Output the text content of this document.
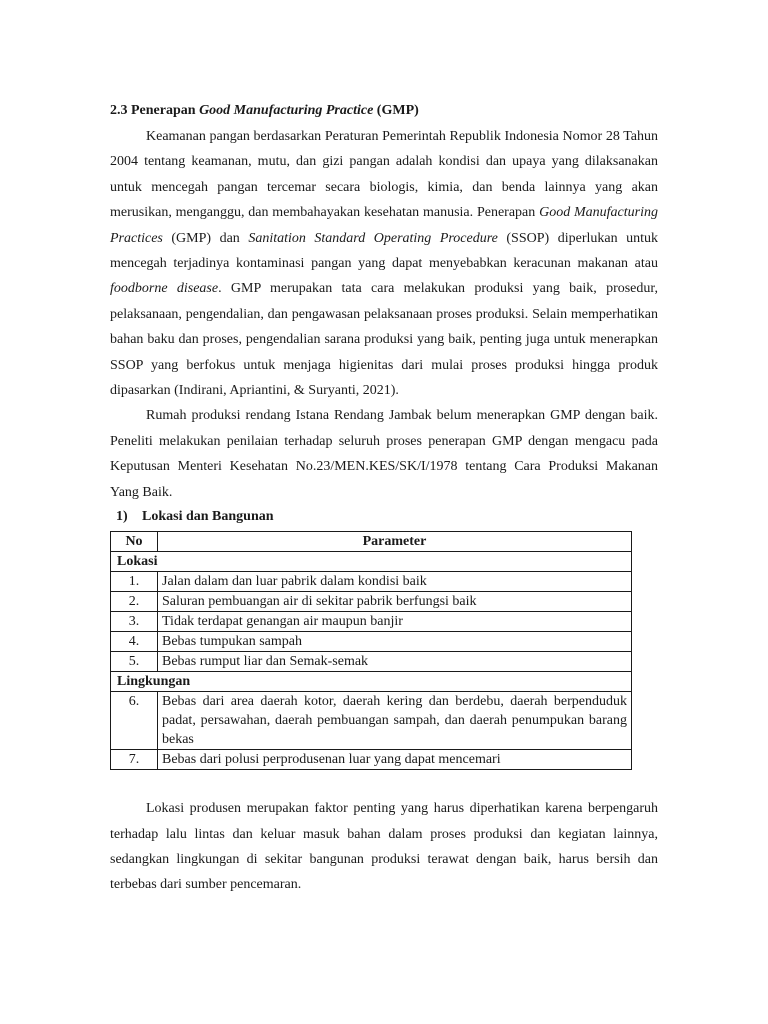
2.3 Penerapan Good Manufacturing Practice (GMP)

Keamanan pangan berdasarkan Peraturan Pemerintah Republik Indonesia Nomor 28 Tahun 2004 tentang keamanan, mutu, dan gizi pangan adalah kondisi dan upaya yang dilaksanakan untuk mencegah pangan tercemar secara biologis, kimia, dan benda lainnya yang akan merusikan, menganggu, dan membahayakan kesehatan manusia. Penerapan Good Manufacturing Practices (GMP) dan Sanitation Standard Operating Procedure (SSOP) diperlukan untuk mencegah terjadinya kontaminasi pangan yang dapat menyebabkan keracunan makanan atau foodborne disease. GMP merupakan tata cara melakukan produksi yang baik, prosedur, pelaksanaan, pengendalian, dan pengawasan pelaksanaan proses produksi. Selain memperhatikan bahan baku dan proses, pengendalian sarana produksi yang baik, penting juga untuk menerapkan SSOP yang berfokus untuk menjaga higienitas dari mulai proses produksi hingga produk dipasarkan (Indirani, Apriantini, & Suryanti, 2021).

Rumah produksi rendang Istana Rendang Jambak belum menerapkan GMP dengan baik. Peneliti melakukan penilaian terhadap seluruh proses penerapan GMP dengan mengacu pada Keputusan Menteri Kesehatan No.23/MEN.KES/SK/I/1978 tentang Cara Produksi Makanan Yang Baik.

1) Lokasi dan Bangunan

No	Parameter
Lokasi	
1.	Jalan dalam dan luar pabrik dalam kondisi baik
2.	Saluran pembuangan air di sekitar pabrik berfungsi baik
3.	Tidak terdapat genangan air maupun banjir
4.	Bebas tumpukan sampah
5.	Bebas rumput liar dan Semak-semak
Lingkungan	
6.	Bebas dari area daerah kotor, daerah kering dan berdebu, daerah berpenduduk padat, persawahan, daerah pembuangan sampah, dan daerah penumpukan barang bekas
7.	Bebas dari polusi perprodusenan luar yang dapat mencemari

Lokasi produsen merupakan faktor penting yang harus diperhatikan karena berpengaruh terhadap lalu lintas dan keluar masuk bahan dalam proses produksi dan kegiatan lainnya, sedangkan lingkungan di sekitar bangunan produksi terawat dengan baik, harus bersih dan terbebas dari sumber pencemaran.
